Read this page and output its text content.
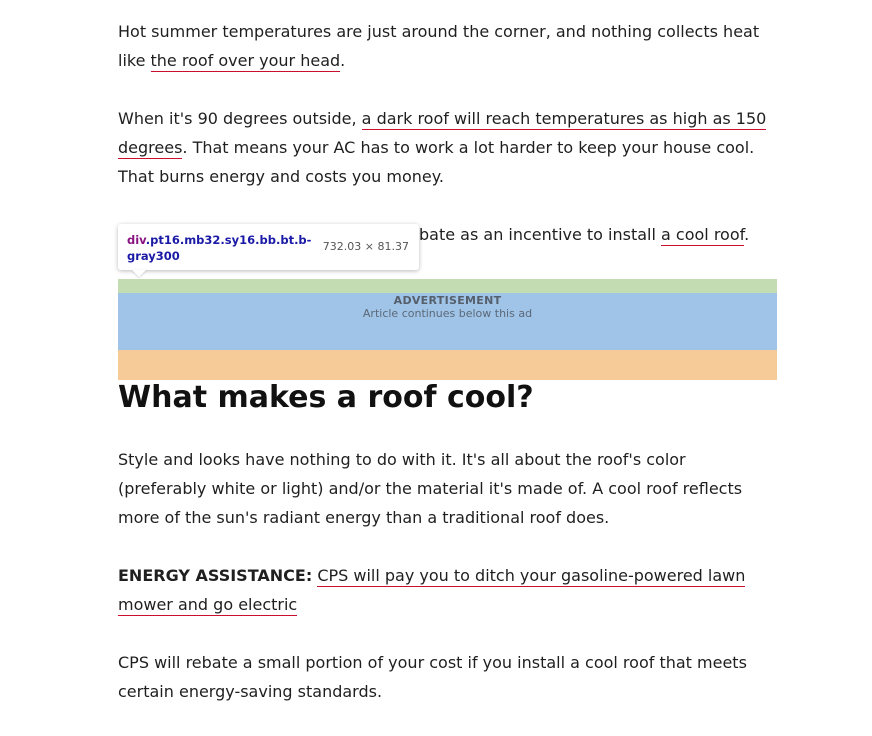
Hot summer temperatures are just around the corner, and nothing collects heat like the roof over your head.

When it's 90 degrees outside, a dark roof will reach temperatures as high as 150 degrees. That means your AC has to work a lot harder to keep your house cool. That burns energy and costs you money.

bate as an incentive to install a cool roof.

What makes a roof cool?

Style and looks have nothing to do with it. It's all about the roof's color (preferably white or light) and/or the material it's made of. A cool roof reflects more of the sun's radiant energy than a traditional roof does.

ENERGY ASSISTANCE: CPS will pay you to ditch your gasoline-powered lawn mower and go electric

CPS will rebate a small portion of your cost if you install a cool roof that meets certain energy-saving standards.

ADVERTISEMENT
Article continues below this ad
div.pt16.mb32.sy16.bb.bt.b-gray300
732.03 × 81.37
